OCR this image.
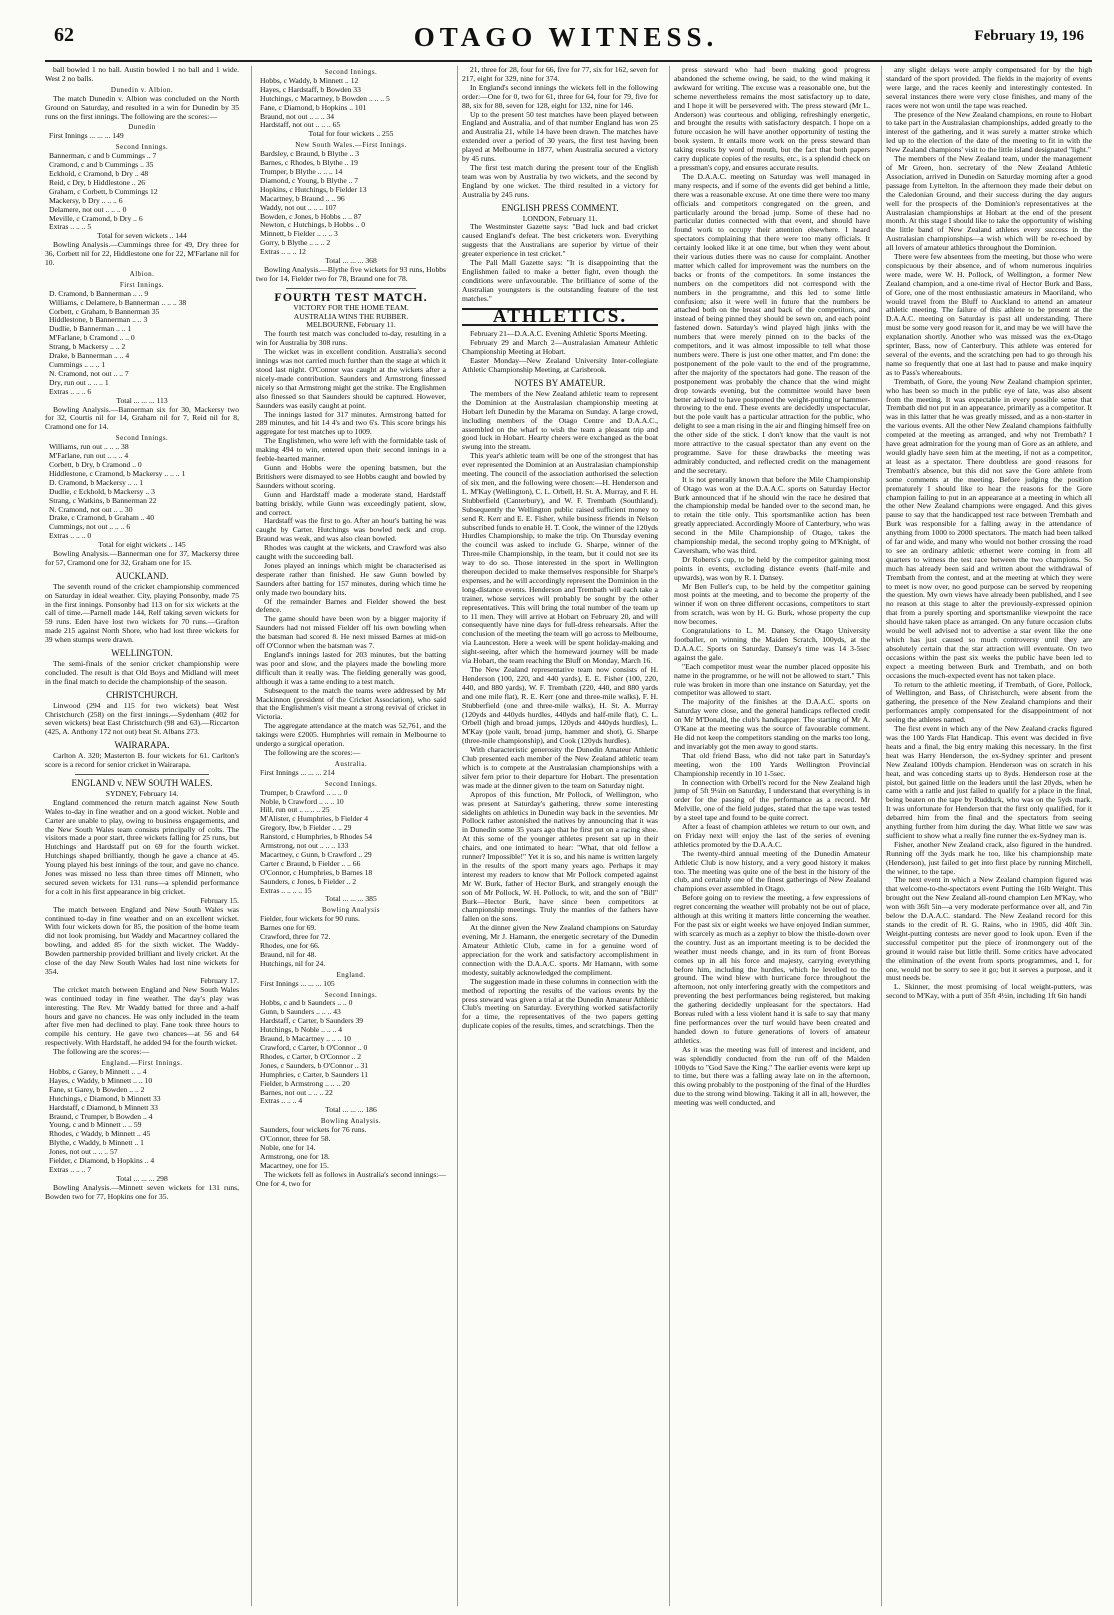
62	OTAGO WITNESS.	February 19, 196

ball bowled 1 no ball. Austin bowled 1 no ball and 1 wide. West 2 no balls.

Dunedin v. Albion.

The match Dunedin v. Albion was concluded on the North Ground on Saturday, and resulted in a win for Dunedin by 35 runs on the first innings. The following are the scores:—

Dunedin

First Innings ... ... ... 149

Second Innings.

Bannerman, c and b Cummings .. 7

Cramond, c and b Cummings .. 35

Eckhold, c Cramond, b Dry .. 48

Reid, c Dry, b Hiddlestone .. 26

Graham, c Corbett, b Cummings 12

Mackersy, b Dry .. .. .. 6

Delamere, not out .. .. .. 0

Meville, c Cramond, b Dry .. 6

Extras .. .. .. 5

Total for seven wickets .. 144

Bowling Analysis.—Cummings three for 49, Dry three for 36, Corbett nil for 22, Hiddlestone one for 22, M'Farlane nil for 10.

Albion.

First Innings.

D. Cramond, b Bannerman .. .. 9

Williams, c Delamere, b Bannerman .. .. .. 38

Corbett, c Graham, b Bannerman 35

Hiddlestone, b Bannerman .. .. 3

Dudlie, b Bannerman .. .. 1

M'Farlane, b Cramond .. .. 0

Strang, b Mackersy .. .. 2

Drake, b Bannerman .. .. 4

Cummings .. .. .. 1

N. Cramond, not out .. .. 7

Dry, run out .. .. .. 1

Extras .. .. .. 6

Total ... ... ... 113

Bowling Analysis.—Bannerman six for 30, Mackersy two for 32, Courtis nil for 14, Graham nil for 7, Reid nil for 8, Cramond one for 14.

Second Innings.

Williams, run out .. .. .. 38

M'Farlane, run out .. .. .. 4

Corbett, b Dry, b Cramond .. 0

Hiddlestone, c Cramond, b Mackersy .. .. .. 1

D. Cramond, b Mackersy .. .. 1

Dudlie, c Eckhold, b Mackersy .. 3

Strang, c Watkins, b Bannerman 22

N. Cramond, not out .. .. 30

Drake, c Cramond, b Graham .. 40

Cummings, not out .. .. .. 6

Extras .. .. .. 0

Total for eight wickets .. 145

Bowling Analysis.—Bannerman one for 37, Mackersy three for 57, Cramond one for 32, Graham one for 15.

AUCKLAND.

The seventh round of the cricket championship commenced on Saturday in ideal weather. City, playing Ponsonby, made 75 in the first innings. Ponsonby had 113 on for six wickets at the call of time.—Parnell made 144, Relf taking seven wickets for 59 runs. Eden have lost two wickets for 70 runs.—Grafton made 215 against North Shore, who had lost three wickets for 39 when stumps were drawn.

WELLINGTON.

The semi-finals of the senior cricket championship were concluded. The result is that Old Boys and Midland will meet in the final match to decide the championship of the season.

CHRISTCHURCH.

Linwood (294 and 115 for two wickets) beat West Christchurch (258) on the first innings.—Sydenham (402 for seven wickets) beat East Christchurch (98 and 63).—Riccarton (425, A. Anthony 172 not out) beat St. Albans 273.

WAIRARAPA.

Carlton A. 320; Masterton B. four wickets for 61. Carlton's score is a record for senior cricket in Wairarapa.

ENGLAND v. NEW SOUTH WALES.

SYDNEY, February 14.

England commenced the return match against New South Wales to-day in fine weather and on a good wicket. Noble and Carter are unable to play, owing to business engagements, and the New South Wales team consists principally of colts. The visitors made a poor start, three wickets falling for 25 runs, but Hutchings and Hardstaff put on 69 for the fourth wicket. Hutchings shaped brilliantly, though he gave a chance at 45. Young played his best innings of the tour, and gave no chance. Jones was missed no less than three times off Minnett, who secured seven wickets for 131 runs—a splendid performance for a colt in his first appearance in big cricket.

February 15.

The match between England and New South Wales was continued to-day in fine weather and on an excellent wicket. With four wickets down for 85, the position of the home team did not look promising, but Waddy and Macartney collared the bowling, and added 85 for the sixth wicket. The Waddy-Bowden partnership provided brilliant and lively cricket. At the close of the day New South Wales had lost nine wickets for 354.

February 17.

The cricket match between England and New South Wales was continued today in fine weather. The day's play was interesting. The Rev. Mr Waddy batted for three and a-half hours and gave no chances. He was only included in the team after five men had declined to play. Fane took three hours to compile his century. He gave two chances—at 56 and 64 respectively. With Hardstaff, he added 94 for the fourth wicket.

The following are the scores:—

England.—First Innings.

Hobbs, c Garey, b Minnett .. .. 4

Hayes, c Waddy, b Minnett .. .. 10

Fane, st Garey, b Bowden .. .. 2

Hutchings, c Diamond, b Minnett 33

Hardstaff, c Diamond, b Minnett 33

Braund, c Trumper, b Bowden .. 4

Young, c and b Minnett .. .. 59

Rhodes, c Waddy, b Minnett .. 45

Blythe, c Waddy, b Minnett .. 1

Jones, not out .. .. .. 57

Fielder, c Diamond, b Hopkins .. 4

Extras .. .. .. 7

Total ... ... ... 298

Bowling Analysis.—Minnett seven wickets for 131 runs, Bowden two for 77, Hopkins one for 35.

Second Innings.

Hobbs, c Waddy, b Minnett .. 12

Hayes, c Hardstaff, b Bowden 33

Hutchings, c Macartney, b Bowden .. .. .. 5

Fane, c Diamond, b Hopkins .. 101

Braund, not out .. .. .. 34

Hardstaff, not out .. .. .. 65

Total for four wickets .. 255

New South Wales.—First Innings.

Bardsley, c Braund, b Blythe .. 3

Barnes, c Rhodes, b Blythe .. 19

Trumper, b Blythe .. .. .. 14

Diamond, c Young, b Blythe .. 7

Hopkins, c Hutchings, b Fielder 13

Macartney, b Braund .. .. 96

Waddy, not out .. .. .. 107

Bowden, c Jones, b Hobbs .. .. 87

Newton, c Hutchings, b Hobbs .. 0

Minnett, b Fielder .. .. .. 3

Gorry, b Blythe .. .. .. 2

Extras .. .. .. 12

Total ... ... ... 368

Bowling Analysis.—Blythe five wickets for 93 runs, Hobbs two for 14, Fielder two for 78, Braund one for 78.

FOURTH TEST MATCH.

VICTORY FOR THE HOME TEAM.

AUSTRALIA WINS THE RUBBER.

MELBOURNE, February 11.

The fourth test match was concluded to-day, resulting in a win for Australia by 308 runs.

The wicket was in excellent condition. Australia's second innings was not carried much further than the stage at which it stood last night. O'Connor was caught at the wickets after a nicely-made contribution. Saunders and Armstrong finessed nicely so that Armstrong might get the strike. The Englishmen also finessed so that Saunders should be captured. However, Saunders was easily caught at point.

The innings lasted for 317 minutes. Armstrong batted for 289 minutes, and hit 14 4's and two 6's. This score brings his aggregate for test matches up to 1009.

The Englishmen, who were left with the formidable task of making 494 to win, entered upon their second innings in a feeble-hearted manner.

Gunn and Hobbs were the opening batsmen, but the Britishers were dismayed to see Hobbs caught and bowled by Saunders without scoring.

Gunn and Hardstaff made a moderate stand, Hardstaff batting briskly, while Gunn was exceedingly patient, slow, and correct.

Hardstaff was the first to go. After an hour's batting he was caught by Carter. Hutchings was bowled neck and crop. Braund was weak, and was also clean bowled.

Rhodes was caught at the wickets, and Crawford was also caught with the succeeding ball.

Jones played an innings which might be characterised as desperate rather than finished. He saw Gunn bowled by Saunders after batting for 157 minutes, during which time he only made two boundary hits.

Of the remainder Barnes and Fielder showed the best defence.

The game should have been won by a bigger majority if Saunders had not missed Fielder off his own bowling when the batsman had scored 8. He next missed Barnes at mid-on off O'Connor when the batsman was 7.

England's innings lasted for 203 minutes, but the batting was poor and slow, and the players made the bowling more difficult than it really was. The fielding generally was good, although it was a tame ending to a test match.

Subsequent to the match the teams were addressed by Mr Mackinnon (president of the Cricket Association), who said that the Englishmen's visit meant a strong revival of cricket in Victoria.

The aggregate attendance at the match was 52,761, and the takings were £2005. Humphries will remain in Melbourne to undergo a surgical operation.

The following are the scores:—

Australia.

First Innings ... ... ... 214

Second Innings.

Trumper, b Crawford .. .. .. 0

Noble, b Crawford .. .. .. 10

Hill, run out .. .. .. .. 25

M'Alister, c Humphries, b Fielder 4

Gregory, lbw, b Fielder .. .. 29

Ranstord, c Humphries, b Rhodes 54

Armstrong, not out .. .. .. 133

Macartney, c Gunn, b Crawford .. 29

Carter c Braund, b Fielder .. .. 66

O'Connor, c Humphries, b Barnes 18

Saunders, c Jones, b Fielder .. 2

Extras .. .. .. .. 15

Total ... ... ... 385

Bowling Analysis

Fielder, four wickets for 90 runs.

Barnes one for 69.

Crawford, three for 72.

Rhodes, one for 66.

Braund, nil for 48.

Hutchings, nil for 24.

England.

First Innings ... ... ... 105

Second Innings.

Hobbs, c and b Saunders .. .. 0

Gunn, b Saunders .. .. .. 43

Hardstaff, c Carter, b Saunders 39

Hutchings, b Noble .. .. .. 4

Braund, b Macartney .. .. .. 10

Crawford, c Carter, b O'Connor .. 0

Rhodes, c Carter, b O'Connor .. 2

Jones, c Saunders, b O'Connor .. 31

Humphries, c Carter, b Saunders 11

Fielder, b Armstrong .. .. .. 20

Barnes, not out .. .. .. 22

Extras .. .. .. 4

Total ... ... ... 186

Bowling Analysis.

Saunders, four wickets for 76 runs.

O'Connor, three for 58.

Noble, one for 14.

Armstrong, one for 18.

Macartney, one for 15.

The wickets fell as follows in Australia's second innings:—One for 4, two for

21, three for 28, four for 66, five for 77, six for 162, seven for 217, eight for 329, nine for 374.

In England's second innings the wickets fell in the following order:—One for 0, two for 61, three for 64, four for 79, five for 88, six for 88, seven for 128, eight for 132, nine for 146.

Up to the present 50 test matches have been played between England and Australia, and of that number England has won 25 and Australia 21, while 14 have been drawn. The matches have extended over a period of 30 years, the first test having been played at Melbourne in 1877, when Australia secured a victory by 45 runs.

The first test match during the present tour of the English team was won by Australia by two wickets, and the second by England by one wicket. The third resulted in a victory for Australia by 245 runs.

ENGLISH PRESS COMMENT.

LONDON, February 11.

The Westminster Gazette says: "Bad luck and bad cricket caused England's defeat. The best cricketers won. Everything suggests that the Australians are superior by virtue of their greater experience in test cricket."

The Pall Mall Gazette says: "It is disappointing that the Englishmen failed to make a better fight, even though the conditions were unfavourable. The brilliance of some of the Australian youngsters is the outstanding feature of the test matches."

ATHLETICS.

February 21—D.A.A.C. Evening Athletic Sports Meeting.

February 29 and March 2—Australasian Amateur Athletic Championship Meeting at Hobart.

Easter Monday—New Zealand University Inter-collegiate Athletic Championship Meeting, at Carisbrook.

NOTES BY AMATEUR.

The members of the New Zealand athletic team to represent the Dominion at the Australasian championship meeting at Hobart left Dunedin by the Marama on Sunday. A large crowd, including members of the Otago Centre and D.A.A.C., assembled on the wharf to wish the team a pleasant trip and good luck in Hobart. Hearty cheers were exchanged as the boat swung into the stream.

This year's athletic team will be one of the strongest that has ever represented the Dominion at an Australasian championship meeting. The council of the association authorised the selection of six men, and the following were chosen:—H. Henderson and L. M'Kay (Wellington), C. L. Orbell, H. St. A. Murray, and F. H. Stubberfield (Canterbury), and W. F. Trembath (Southland). Subsequently the Wellington public raised sufficient money to send R. Kerr and E. E. Fisher, while business friends in Nelson subscribed funds to enable H. T. Cook, the winner of the 120yds Hurdles Championship, to make the trip. On Thursday evening the council was asked to include G. Sharpe, winner of the Three-mile Championship, in the team, but it could not see its way to do so. Those interested in the sport in Wellington thereupon decided to make themselves responsible for Sharpe's expenses, and he will accordingly represent the Dominion in the long-distance events. Henderson and Trembath will each take a trainer, whose services will probably be sought by the other representatives. This will bring the total number of the team up to 11 men. They will arrive at Hobart on February 20, and will consequently have nine days for full-dress rehearsals. After the conclusion of the meeting the team will go across to Melbourne, via Launceston. Here a week will be spent holiday-making and sight-seeing, after which the homeward journey will be made via Hobart, the team reaching the Bluff on Monday, March 16.

The New Zealand representative team now consists of H. Henderson (100, 220, and 440 yards), E. E. Fisher (100, 220, 440, and 880 yards), W. F. Trembath (220, 440, and 880 yards and one mile flat), R. E. Kerr (one and three-mile walks), F. H. Stubberfield (one and three-mile walks), H. St. A. Murray (120yds and 440yds hurdles, 440yds and half-mile flat), C. L. Orbell (high and broad jumps, 120yds and 440yds hurdles), L. M'Kay (pole vault, broad jump, hammer and shot), G. Sharpe (three-mile championship), and Cook (120yds hurdles).

With characteristic generosity the Dunedin Amateur Athletic Club presented each member of the New Zealand athletic team which is to compete at the Australasian championships with a silver fern prior to their departure for Hobart. The presentation was made at the dinner given to the team on Saturday night.

Apropos of this function, Mr Pollock, of Wellington, who was present at Saturday's gathering, threw some interesting sidelights on athletics in Dunedin way back in the seventies. Mr Pollock rather astonished the natives by announcing that it was in Dunedin some 35 years ago that he first put on a racing shoe. At this some of the younger athletes present sat up in their chairs, and one intimated to hear: "What, that old fellow a runner? Impossible!" Yet it is so, and his name is written largely in the results of the sport many years ago. Perhaps it may interest my readers to know that Mr Pollock competed against Mr W. Burk, father of Hector Burk, and strangely enough the son of Mr Pollock, W. H. Pollock, to wit, and the son of "Bill" Burk—Hector Burk, have since been competitors at championship meetings. Truly the mantles of the fathers have fallen on the sons.

At the dinner given the New Zealand champions on Saturday evening, Mr J. Hamann, the energetic secretary of the Dunedin Amateur Athletic Club, came in for a genuine word of appreciation for the work and satisfactory accomplishment in connection with the D.A.A.C. sports. Mr Hamann, with some modesty, suitably acknowledged the compliment.

The suggestion made in these columns in connection with the method of reporting the results of the various events by the press steward was given a trial at the Dunedin Amateur Athletic Club's meeting on Saturday. Everything worked satisfactorily for a time, the representatives of the two papers getting duplicate copies of the results, times, and scratchings. Then the

press steward who had been making good progress abandoned the scheme owing, he said, to the wind making it awkward for writing. The excuse was a reasonable one, but the scheme nevertheless remains the most satisfactory up to date, and I hope it will be persevered with. The press steward (Mr L. Anderson) was courteous and obliging, refreshingly energetic, and brought the results with satisfactory despatch. I hope on a future occasion he will have another opportunity of testing the book system. It entails more work on the press steward than taking results by word of mouth, but the fact that both papers carry duplicate copies of the results, etc., is a splendid check on a pressman's copy, and ensures accurate results.

The D.A.A.C. meeting on Saturday was well managed in many respects, and if some of the events did get behind a little, there was a reasonable excuse. At one time there were too many officials and competitors congregated on the green, and particularly around the broad jump. Some of these had no particular duties connected with that event, and should have found work to occupy their attention elsewhere. I heard spectators complaining that there were too many officials. It certainly looked like it at one time, but when they went about their various duties there was no cause for complaint. Another matter which called for improvement was the numbers on the backs or fronts of the competitors. In some instances the numbers on the competitors did not correspond with the numbers in the programme, and this led to some little confusion; also it were well in future that the numbers be attached both on the breast and back of the competitors, and instead of being pinned they should be sewn on, and each point fastened down. Saturday's wind played high jinks with the numbers that were merely pinned on to the backs of the competitors, and it was almost impossible to tell what those numbers were. There is just one other matter, and I'm done: the postponement of the pole vault to the end of the programme, after the majority of the spectators had gone. The reason of the postponement was probably the chance that the wind might drop towards evening, but the committee would have been better advised to have postponed the weight-putting or hammer-throwing to the end. These events are decidedly unspectacular, but the pole vault has a particular attraction for the public, who delight to see a man rising in the air and flinging himself free on the other side of the stick. I don't know that the vault is not more attractive to the casual spectator than any event on the programme. Save for these drawbacks the meeting was admirably conducted, and reflected credit on the management and the secretary.

It is not generally known that before the Mile Championship of Otago was won at the D.A.A.C. sports on Saturday Hector Burk announced that if he should win the race he desired that the championship medal be handed over to the second man, he to retain the title only. This sportsmanlike action has been greatly appreciated. Accordingly Moore of Canterbury, who was second in the Mile Championship of Otago, takes the championship medal, the second trophy going to M'Knight, of Caversham, who was third.

Dr Roberts's cup, to be held by the competitor gaining most points in events, excluding distance events (half-mile and upwards), was won by R. I. Dansey.

Mr Ben Fuller's cup, to be held by the competitor gaining most points at the meeting, and to become the property of the winner if won on three different occasions, competitors to start from scratch, was won by H. G. Burk, whose property the cup now becomes.

Congratulations to L. M. Dansey, the Otago University footballer, on winning the Maiden Scratch, 100yds, at the D.A.A.C. Sports on Saturday. Dansey's time was 14 3-5sec against the gale.

"Each competitor must wear the number placed opposite his name in the programme, or he will not be allowed to start." This rule was broken in more than one instance on Saturday, yet the competitor was allowed to start.

The majority of the finishes at the D.A.A.C. sports on Saturday were close, and the general handicaps reflected credit on Mr M'Donald, the club's handicapper. The starting of Mr A. O'Kane at the meeting was the source of favourable comment. He did not keep the competitors standing on the marks too long, and invariably got the men away to good starts.

That old friend Bass, who did not take part in Saturday's meeting, won the 100 Yards Wellington Provincial Championship recently in 10 1-5sec.

In connection with Orbell's record for the New Zealand high jump of 5ft 9¼in on Saturday, I understand that everything is in order for the passing of the performance as a record. Mr Melville, one of the field judges, stated that the tape was tested by a steel tape and found to be quite correct.

After a feast of champion athletes we return to our own, and on Friday next will enjoy the last of the series of evening athletics promoted by the D.A.A.C.

The twenty-third annual meeting of the Dunedin Amateur Athletic Club is now history, and a very good history it makes too. The meeting was quite one of the best in the history of the club, and certainly one of the finest gatherings of New Zealand champions ever assembled in Otago.

Before going on to review the meeting, a few expressions of regret concerning the weather will probably not be out of place, although at this writing it matters little concerning the weather. For the past six or eight weeks we have enjoyed Indian summer, with scarcely as much as a zephyr to blow the thistle-down over the country. Just as an important meeting is to be decided the weather must needs change, and in its turn of front Boreas comes up in all his force and majesty, carrying everything before him, including the hurdles, which he levelled to the ground. The wind blew with hurricane force throughout the afternoon, not only interfering greatly with the competitors and preventing the best performances being registered, but making the gathering decidedly unpleasant for the spectators. Had Boreas ruled with a less violent hand it is safe to say that many fine performances over the turf would have been created and handed down to future generations of lovers of amateur athletics.

As it was the meeting was full of interest and incident, and was splendidly conducted from the run off of the Maiden 100yds to "God Save the King." The earlier events were kept up to time, but there was a falling away late on in the afternoon, this owing probably to the postponing of the final of the Hurdles due to the strong wind blowing. Taking it all in all, however, the meeting was well conducted, and

any slight delays were amply compensated for by the high standard of the sport provided. The fields in the majority of events were large, and the races keenly and interestingly contested. In several instances there were very close finishes, and many of the races were not won until the tape was reached.

The presence of the New Zealand champions, en route to Hobart to take part in the Australasian championships, added greatly to the interest of the gathering, and it was surely a matter stroke which led up to the election of the date of the meeting to fit in with the New Zealand champions' visit to the little island designated "light."

The members of the New Zealand team, under the management of Mr Green, hon. secretary of the New Zealand Athletic Association, arrived in Dunedin on Saturday morning after a good passage from Lyttelton. In the afternoon they made their debut on the Caledonian Ground, and their success during the day augurs well for the prospects of the Dominion's representatives at the Australasian championships at Hobart at the end of the present month. At this stage I should like to take the opportunity of wishing the little band of New Zealand athletes every success in the Australasian championships—a wish which will be re-echoed by all lovers of amateur athletics throughout the Dominion.

There were few absentees from the meeting, but those who were conspicuous by their absence, and of whom numerous inquiries were made, were W. H. Pollock, of Wellington, a former New Zealand champion, and a one-time rival of Hector Burk and Bass, of Gore, one of the most enthusiastic amateurs in Maoriland, who would travel from the Bluff to Auckland to attend an amateur athletic meeting. The failure of this athlete to be present at the D.A.A.C. meeting on Saturday is past all understanding. There must be some very good reason for it, and may be we will have the explanation shortly. Another who was missed was the ex-Otago sprinter, Bass, now of Canterbury. This athlete was entered for several of the events, and the scratching pen had to go through his name so frequently that one at last had to pause and make inquiry as to Pass's whereabouts.

Trembath, of Gore, the young New Zealand champion sprinter, who has been so much in the public eye of late, was also absent from the meeting. It was expectable in every possible sense that Trembath did not put in an appearance, primarily as a competitor. It was in this latter that he was greatly missed, and as a non-starter in the various events. All the other New Zealand champions faithfully competed at the meeting as arranged, and why not Trembath? I have great admiration for the young man of Gore as an athlete, and would gladly have seen him at the meeting, if not as a competitor, at least as a spectator. There doubtless are good reasons for Trembath's absence, but this did not save the Gore athlete from some comments at the meeting. Before judging the position prematurely I should like to hear the reasons for the Gore champion failing to put in an appearance at a meeting in which all the other New Zealand champions were engaged. And this gives pause to say that the handicapped test race between Trembath and Burk was responsible for a falling away in the attendance of anything from 1000 to 2000 spectators. The match had been talked of far and wide, and many who would not bother crossing the road to see an ordinary athletic ethernet were coming in from all quarters to witness the test race between the two champions. So much has already been said and written about the withdrawal of Trembath from the contest, and at the meeting at which they were to meet is now over, no good purpose can be served by reopening the question. My own views have already been published, and I see no reason at this stage to alter the previously-expressed opinion that from a purely sporting and sportsmanlike viewpoint the race should have taken place as arranged. On any future occasion clubs would be well advised not to advertise a star event like the one which has just caused so much controversy until they are absolutely certain that the star attraction will eventuate. On two occasions within the past six weeks the public have been led to expect a meeting between Burk and Trembath, and on both occasions the much-expected event has not taken place.

To return to the athletic meeting, if Trembath, of Gore, Pollock, of Wellington, and Bass, of Christchurch, were absent from the gathering, the presence of the New Zealand champions and their performances amply compensated for the disappointment of not seeing the athletes named.

The first event in which any of the New Zealand cracks figured was the 100 Yards Flat Handicap. This event was decided in five heats and a final, the big entry making this necessary. In the first heat was Harry Henderson, the ex-Sydney sprinter and present New Zealand 100yds champion. Henderson was on scratch in his heat, and was conceding starts up to 8yds. Henderson rose at the pistol, but gained little on the leaders until the last 20yds, when he came with a rattle and just failed to qualify for a place in the final, being beaten on the tape by Rudduck, who was on the 5yds mark. It was unfortunate for Henderson that the first only qualified, for it debarred him from the final and the spectators from seeing anything further from him during the day. What little we saw was sufficient to show what a really fine runner the ex-Sydney man is.

Fisher, another New Zealand crack, also figured in the hundred. Running off the 3yds mark he too, like his championship mate (Henderson), just failed to get into first place by running Mitchell, the winner, to the tape.

The next event in which a New Zealand champion figured was that welcome-to-the-spectators event Putting the 16lb Weight. This brought out the New Zealand all-round champion Len M'Kay, who won with 36ft 5in—a very moderate performance over all, and 7in below the D.A.A.C. standard. The New Zealand record for this stands to the credit of R. G. Rains, who in 1905, did 40ft 3in. Weight-putting contests are never good to look upon. Even if the successful competitor put the piece of ironmongery out of the ground it would raise but little thrill. Some critics have advocated the elimination of the event from sports programmes, and I, for one, would not be sorry to see it go; but it serves a purpose, and it must needs be.

L. Skinner, the most promising of local weight-putters, was second to M'Kay, with a putt of 35ft 4½in, including 1ft 6in handi
